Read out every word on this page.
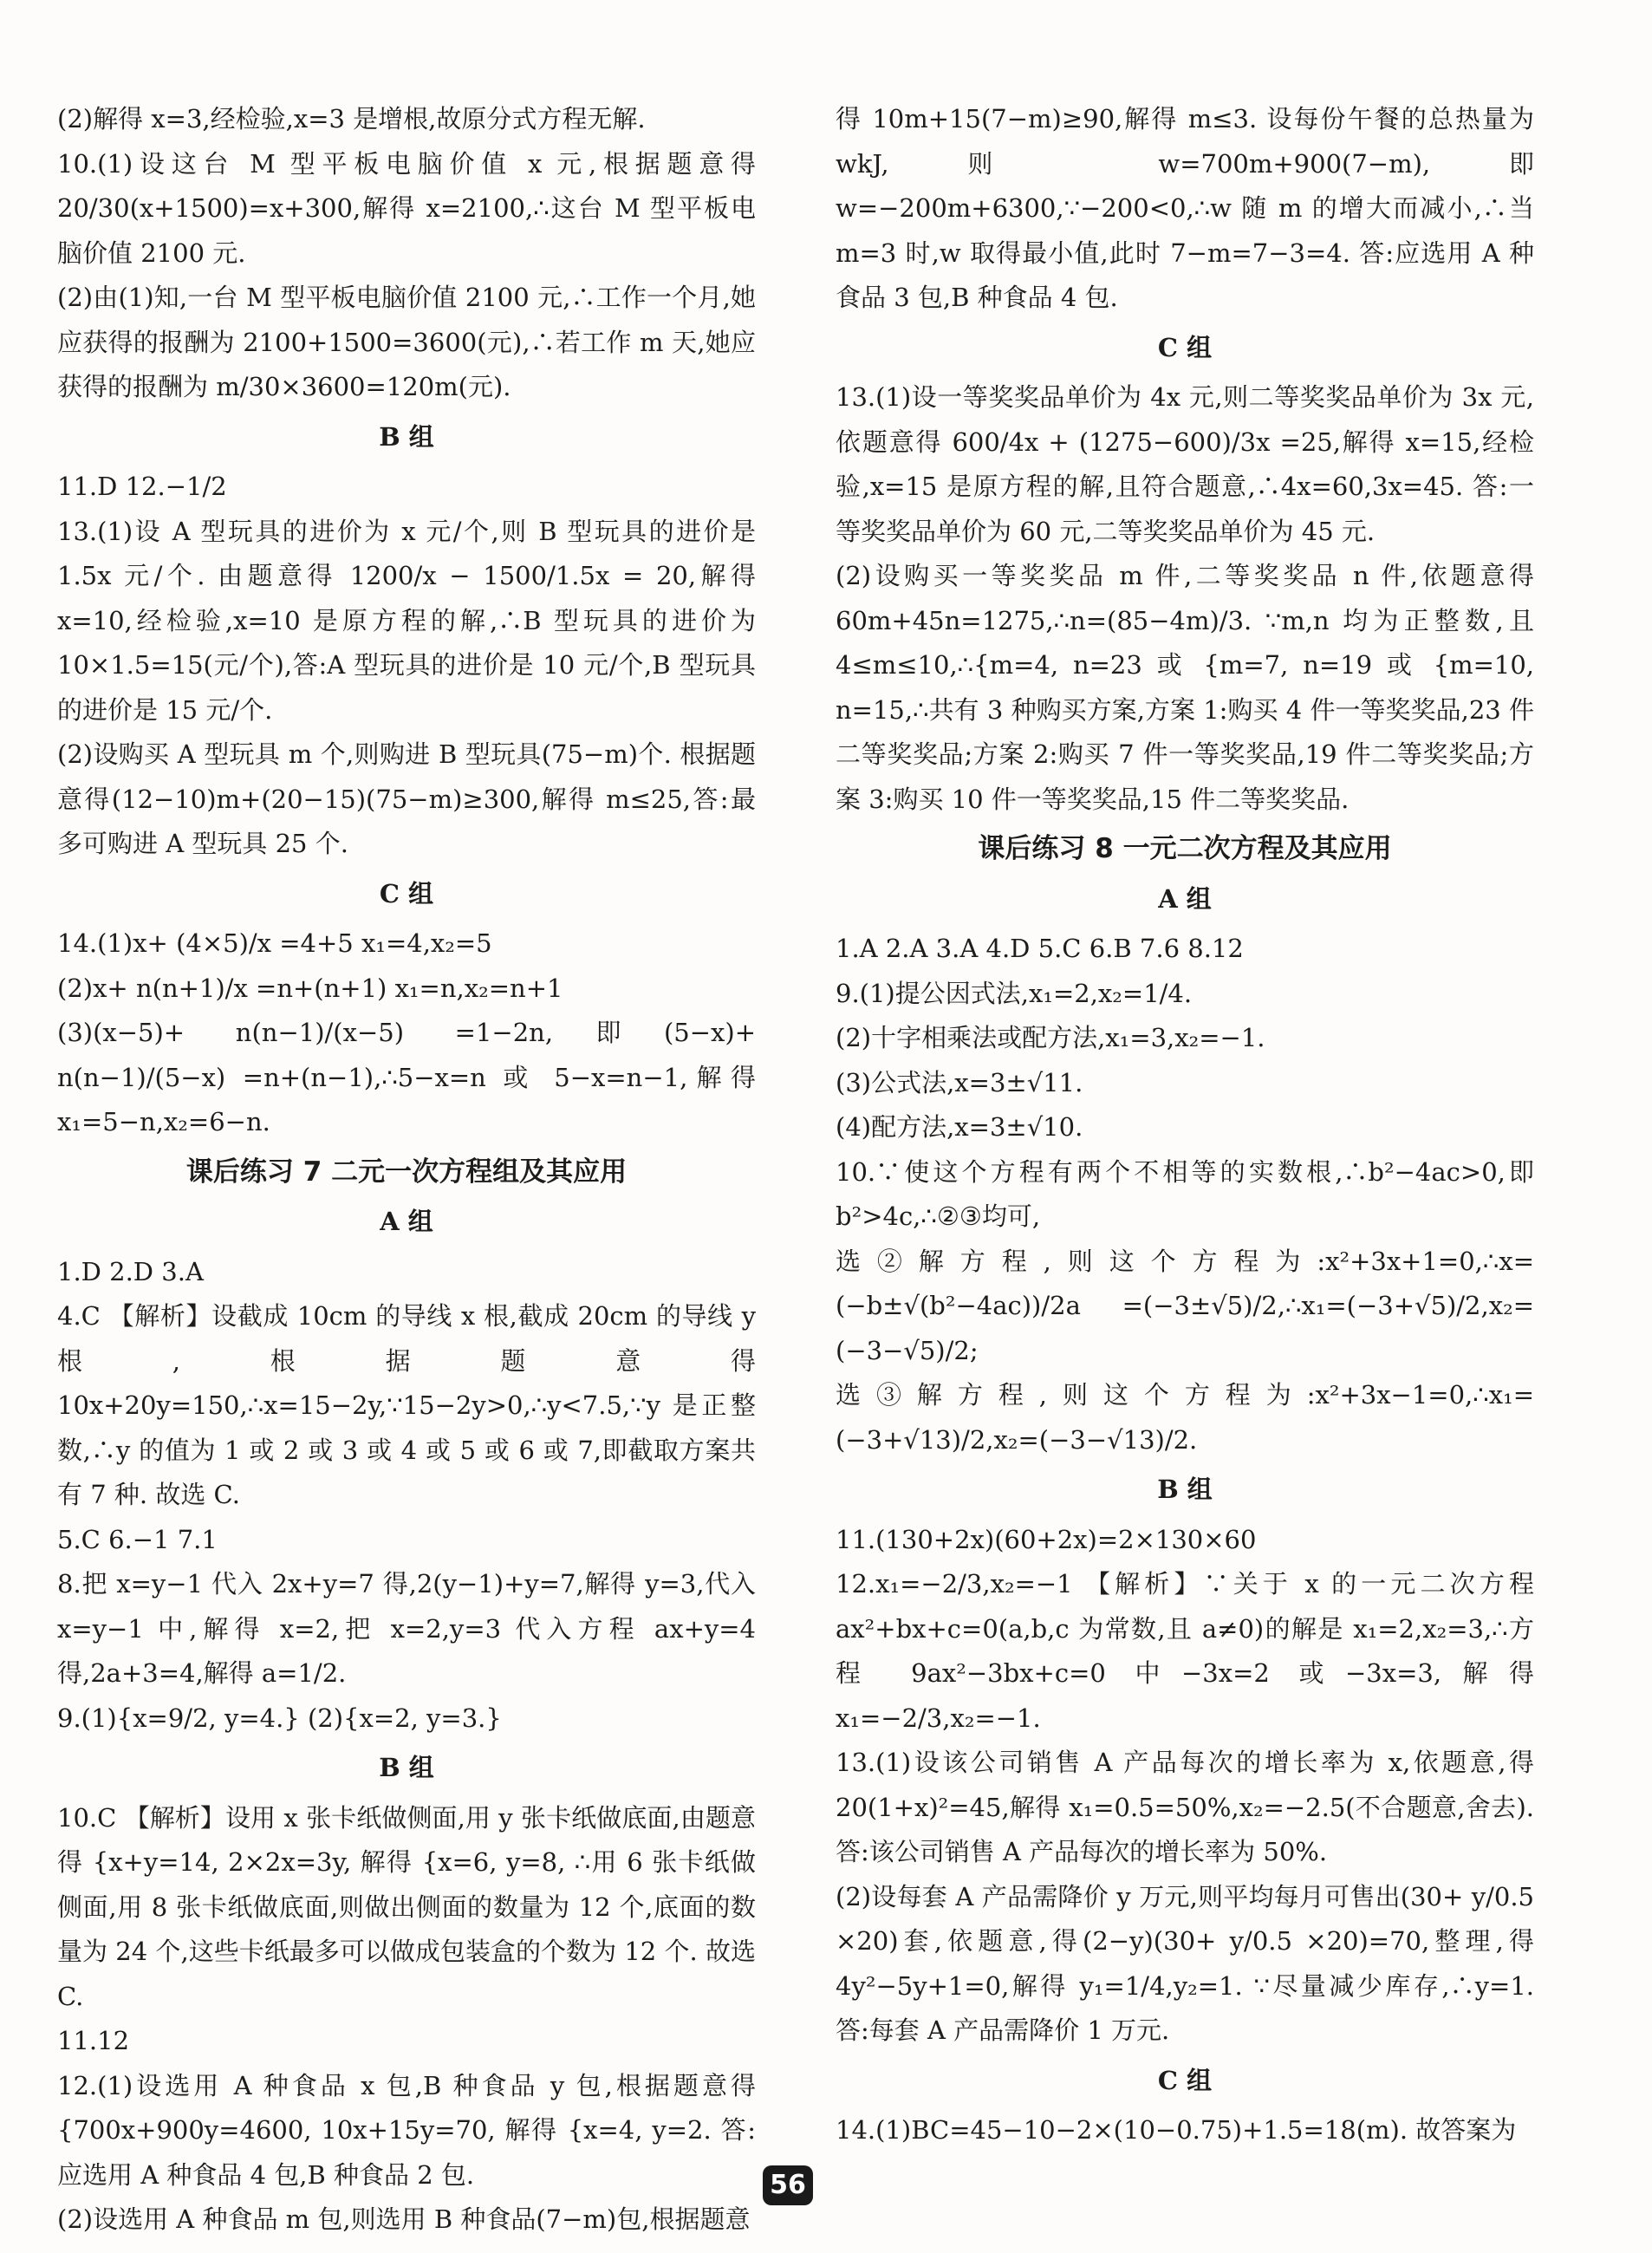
(2)解得 x=3,经检验,x=3 是增根,故原分式方程无解.

10.(1)设这台 M 型平板电脑价值 x 元,根据题意得 20/30(x+1500)=x+300,解得 x=2100,∴这台 M 型平板电脑价值 2100 元.

(2)由(1)知,一台 M 型平板电脑价值 2100 元,∴工作一个月,她应获得的报酬为 2100+1500=3600(元),∴若工作 m 天,她应获得的报酬为 m/30×3600=120m(元).

B 组

11.D 12.−1/2

13.(1)设 A 型玩具的进价为 x 元/个,则 B 型玩具的进价是 1.5x 元/个. 由题意得 1200/x − 1500/1.5x = 20,解得 x=10,经检验,x=10 是原方程的解,∴B 型玩具的进价为 10×1.5=15(元/个),答:A 型玩具的进价是 10 元/个,B 型玩具的进价是 15 元/个.

(2)设购买 A 型玩具 m 个,则购进 B 型玩具(75−m)个. 根据题意得(12−10)m+(20−15)(75−m)≥300,解得 m≤25,答:最多可购进 A 型玩具 25 个.

C 组

14.(1)x+ (4×5)/x =4+5 x₁=4,x₂=5

(2)x+ n(n+1)/x =n+(n+1) x₁=n,x₂=n+1

(3)(x−5)+ n(n−1)/(x−5) =1−2n,即(5−x)+ n(n−1)/(5−x) =n+(n−1),∴5−x=n 或 5−x=n−1,解得 x₁=5−n,x₂=6−n.

课后练习 7 二元一次方程组及其应用

A 组

1.D 2.D 3.A

4.C 【解析】设截成 10cm 的导线 x 根,截成 20cm 的导线 y 根,根据题意得 10x+20y=150,∴x=15−2y,∵15−2y>0,∴y<7.5,∵y 是正整数,∴y 的值为 1 或 2 或 3 或 4 或 5 或 6 或 7,即截取方案共有 7 种. 故选 C.

5.C 6.−1 7.1

8.把 x=y−1 代入 2x+y=7 得,2(y−1)+y=7,解得 y=3,代入 x=y−1 中,解得 x=2,把 x=2,y=3 代入方程 ax+y=4 得,2a+3=4,解得 a=1/2.

9.(1){x=9/2, y=4.} (2){x=2, y=3.}

B 组

10.C 【解析】设用 x 张卡纸做侧面,用 y 张卡纸做底面,由题意得 {x+y=14, 2×2x=3y, 解得 {x=6, y=8, ∴用 6 张卡纸做侧面,用 8 张卡纸做底面,则做出侧面的数量为 12 个,底面的数量为 24 个,这些卡纸最多可以做成包装盒的个数为 12 个. 故选 C.

11.12

12.(1)设选用 A 种食品 x 包,B 种食品 y 包,根据题意得 {700x+900y=4600, 10x+15y=70, 解得 {x=4, y=2. 答:应选用 A 种食品 4 包,B 种食品 2 包.

(2)设选用 A 种食品 m 包,则选用 B 种食品(7−m)包,根据题意

得 10m+15(7−m)≥90,解得 m≤3. 设每份午餐的总热量为 wkJ,则 w=700m+900(7−m),即 w=−200m+6300,∵−200<0,∴w 随 m 的增大而减小,∴当 m=3 时,w 取得最小值,此时 7−m=7−3=4. 答:应选用 A 种食品 3 包,B 种食品 4 包.

C 组

13.(1)设一等奖奖品单价为 4x 元,则二等奖奖品单价为 3x 元,依题意得 600/4x + (1275−600)/3x =25,解得 x=15,经检验,x=15 是原方程的解,且符合题意,∴4x=60,3x=45. 答:一等奖奖品单价为 60 元,二等奖奖品单价为 45 元.

(2)设购买一等奖奖品 m 件,二等奖奖品 n 件,依题意得 60m+45n=1275,∴n=(85−4m)/3. ∵m,n 均为正整数,且 4≤m≤10,∴{m=4, n=23 或 {m=7, n=19 或 {m=10, n=15,∴共有 3 种购买方案,方案 1:购买 4 件一等奖奖品,23 件二等奖奖品;方案 2:购买 7 件一等奖奖品,19 件二等奖奖品;方案 3:购买 10 件一等奖奖品,15 件二等奖奖品.

课后练习 8 一元二次方程及其应用

A 组

1.A 2.A 3.A 4.D 5.C 6.B 7.6 8.12

9.(1)提公因式法,x₁=2,x₂=1/4.

(2)十字相乘法或配方法,x₁=3,x₂=−1.

(3)公式法,x=3±√11.

(4)配方法,x=3±√10.

10.∵使这个方程有两个不相等的实数根,∴b²−4ac>0,即 b²>4c,∴②③均可,

选②解方程,则这个方程为:x²+3x+1=0,∴x=(−b±√(b²−4ac))/2a =(−3±√5)/2,∴x₁=(−3+√5)/2,x₂=(−3−√5)/2;

选③解方程,则这个方程为:x²+3x−1=0,∴x₁=(−3+√13)/2,x₂=(−3−√13)/2.

B 组

11.(130+2x)(60+2x)=2×130×60

12.x₁=−2/3,x₂=−1 【解析】∵关于 x 的一元二次方程 ax²+bx+c=0(a,b,c 为常数,且 a≠0)的解是 x₁=2,x₂=3,∴方程 9ax²−3bx+c=0 中−3x=2 或−3x=3,解得 x₁=−2/3,x₂=−1.

13.(1)设该公司销售 A 产品每次的增长率为 x,依题意,得 20(1+x)²=45,解得 x₁=0.5=50%,x₂=−2.5(不合题意,舍去). 答:该公司销售 A 产品每次的增长率为 50%.

(2)设每套 A 产品需降价 y 万元,则平均每月可售出(30+ y/0.5 ×20)套,依题意,得(2−y)(30+ y/0.5 ×20)=70,整理,得 4y²−5y+1=0,解得 y₁=1/4,y₂=1. ∵尽量减少库存,∴y=1. 答:每套 A 产品需降价 1 万元.

C 组

14.(1)BC=45−10−2×(10−0.75)+1.5=18(m). 故答案为

56
